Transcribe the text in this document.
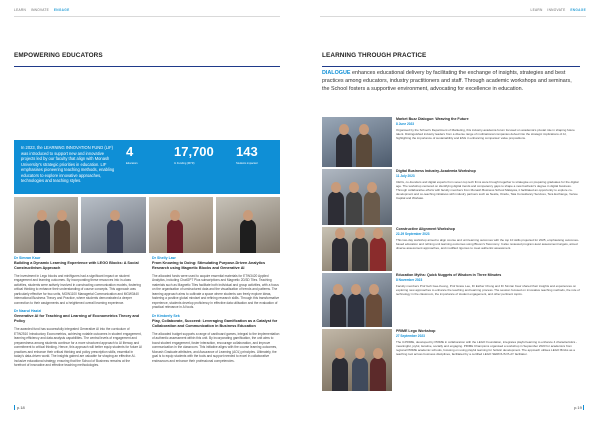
LEARN INNOVATE ENGAGE
EMPOWERING EDUCATORS
In 2023, the LEARNING INNOVATION FUND (LIF) was introduced to support new and innovative projects led by our faculty that align with Monash University's strategic priorities in education. LIF emphasises pioneering teaching methods, enabling educators to explore innovative approaches, technologies and teaching styles.
4
Educators
17,700
In Funding (MYR)
143
Students impacted
Dr Simran Kaur
Building a Dynamic Learning Experience with LEGO Blocks: A Social Constructivism Approach
The investment in Lego blocks and minifigures had a significant impact on student engagement and learning outcomes. By incorporating these resources into in-class activities, students were actively involved in constructing communication models, fostering critical thinking to enhance their understanding of course concepts. This approach was particularly effective for two units, MGW1100 Managerial Communication and MGW3440 International Business Theory and Practice, where students demonstrated a deeper connection to their assignments and a heightened overall learning experience.
Dr Nazrul Hazizi
Generative AI for Teaching and Learning of Econometrics Theory and Policy
The awarded fund has successfully integrated Generative AI into the curriculum of ETW2510 Introductory Econometrics, achieving notable outcomes in student engagement, learning efficiency and data analysis capabilities. The central levels of engagement and preparedness among students continue for a more structured approach to AI literacy and commitment to critical thinking. Hence, this approach will better equip students for future AI practices and enhance their critical thinking and policy prescription skills, essential in today's data-driven world. The insights gained are valuable for shaping an effective AI-inclusive educational strategy, ensuring that the School of Business remains at the forefront of innovative and effective teaching methodologies.
Dr Shelly Law
From Knowing to Doing: Stimulating Purpose-Driven Analytics Research using Magnetic Blocks and Generative AI
The allocated funds were used to acquire essential materials for ETW3420 Applied Analytics, including ChatGPT Plus subscriptions and Magnetic 2D/3D Tiles. Teaching materials such as Magnetic Tiles facilitate both individual and group activities, with a focus on the organisation of unstructured data and the visualisation of trends and patterns. The learning approach aims to cultivate a space where students can freely explore ideas, fostering a positive global mindset and refining research skills. Through this transformative experience, students develop proficiency in effective data utilisation and the evaluation of practical relevance in AI tools.
Dr Kimberly Sek
Play, Collaborate, Succeed: Leveraging Gamification as a Catalyst for Collaboration and Communication in Business Education
The allocated budget supports a range of cardboard games, integral to the implementation of authentic assessment within this unit. By incorporating gamification, the unit aims to boost student engagement, foster interaction, encourage collaboration, and improve communication in the classroom. This initiative aligns with the course learning outcomes, Monash Graduate attributes, and Assurance of Learning (AOL) principles. Ultimately, the goal is to equip students with the tools and support needed to excel in collaborative endeavours and enhance their professional competencies.
p.18
LEARN INNOVATE ENGAGE
LEARNING THROUGH PRACTICE
DIALOGUE enhances educational delivery by facilitating the exchange of insights, strategies and best practices among educators, industry practitioners and staff. Through academic workshops and seminars, the School fosters a supportive environment, advocating for excellence in education.
Market Buzz Dialogue: Weaving the Future
8 June 2023
Organised by the School's Department of Marketing, this industry-academia forum focused on academia's pivotal role in shaping future talent. Distinguished industry leaders from a diverse range of multinational companies delved into the strategic implications of AI, highlighting the importance of sustainability and ESG in enhancing companies' value propositions.
Digital Business Industry-Academia Workshop
11 July 2023
CEOs, co-founders and digital experts from seven top tech firms were brought together to strategise on preparing graduates for the digital age. The workshop centered on identifying digital trends and competency gaps to shape a new bachelor's degree in digital business. Through collaborative efforts with faculty members from Monash Business School Malaysia, it facilitated an opportunity to explore co-development and co-teaching initiatives with industry partners such as Nestle, Oracle, Tata Consultancy Services, Tera Exchange, Vertoe Capital and Workato.
Constructive Alignment Workshop
22-29 September 2023
This two-day workshop aimed to align course and unit learning outcomes with the top 10 skills projected for 2025, emphasising outcomes-based education and refining unit learning outcomes using Bloom's Taxonomy. It also reviewed program-level assessment targets, aimed diverse assessment approaches, and modified rigorous to meet authentic assessment.
Education Myths: Quick Nuggets of Wisdom in Three Minutes
8 November 2023
Faculty members Prof Goh Gee-Keong, Prof Grace Lee, Dr Esther Chong and Dr Simran Kaur shared their insights and experiences on exploring new approaches to enhance the teaching and learning process. The session focused on innovative teaching methods, the role of technology in the classroom, the importance of student engagement, and other pertinent topics.
PRIME Lego Workshop
27 September 2023
The 3-PRIME, developed by PRIME in collaboration with the LEGO Foundation, integrates playful learning to enhance 4 characteristics - meaningful, joyful, iterative, socially and engaging. PRIME Champions organised a workshop in September 2023 for academics from regional PRIME academic schools, focusing on using playful learning for holistic development. The approach utilises LEGO Bricks as a teaching tool across business disciplines, facilitated by a certified LEGO SERIOUS PLAY facilitator.
p.19
